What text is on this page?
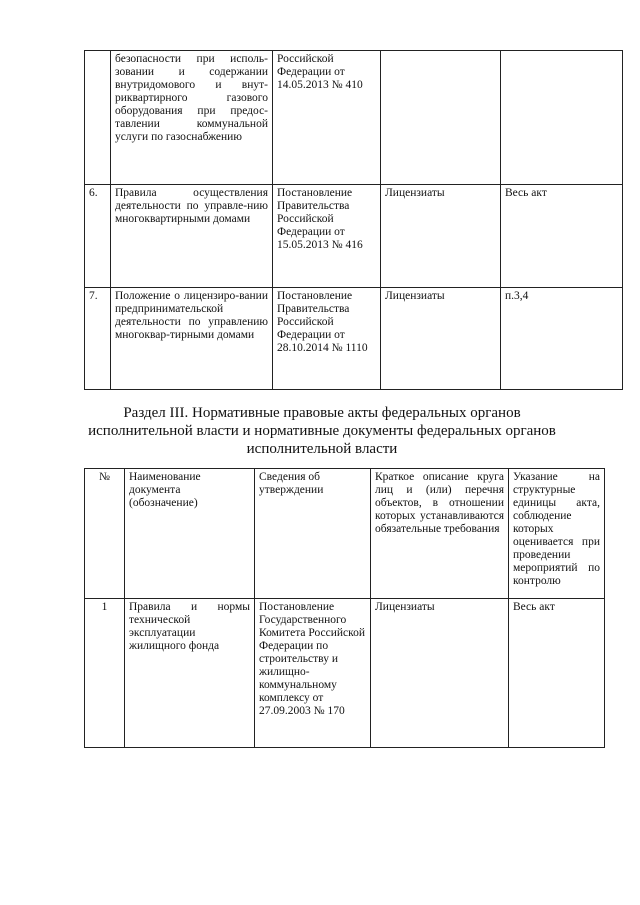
	безопасности при исполь-зовании и содержании внутридомового и внут-риквартирного газового оборудования при предос-тавлении коммунальной услуги по газоснабжению	Российской Федерации от 14.05.2013 № 410		
6.	Правила осуществления деятельности по управле-нию многоквартирными домами	Постановление Правительства Российской Федерации от 15.05.2013 № 416	Лицензиаты	Весь акт
7.	Положение о лицензиро-вании предпринимательской деятельности по управлению многоквар-тирными домами	Постановление Правительства Российской Федерации от 28.10.2014 № 1110	Лицензиаты	п.3,4
Раздел III. Нормативные правовые акты федеральных органов исполнительной власти и нормативные документы федеральных органов исполнительной власти
№	Наименование документа (обозначение)	Сведения об утверждении	Краткое описание круга лиц и (или) перечня объектов, в отношении которых устанавливаются обязательные требования	Указание на структурные единицы акта, соблюдение которых оценивается при проведении мероприятий по контролю
1	Правила и нормы технической эксплуатации жилищного фонда	Постановление Государственного Комитета Российской Федерации по строительству и жилищно-коммунальному комплексу от 27.09.2003 № 170	Лицензиаты	Весь акт
